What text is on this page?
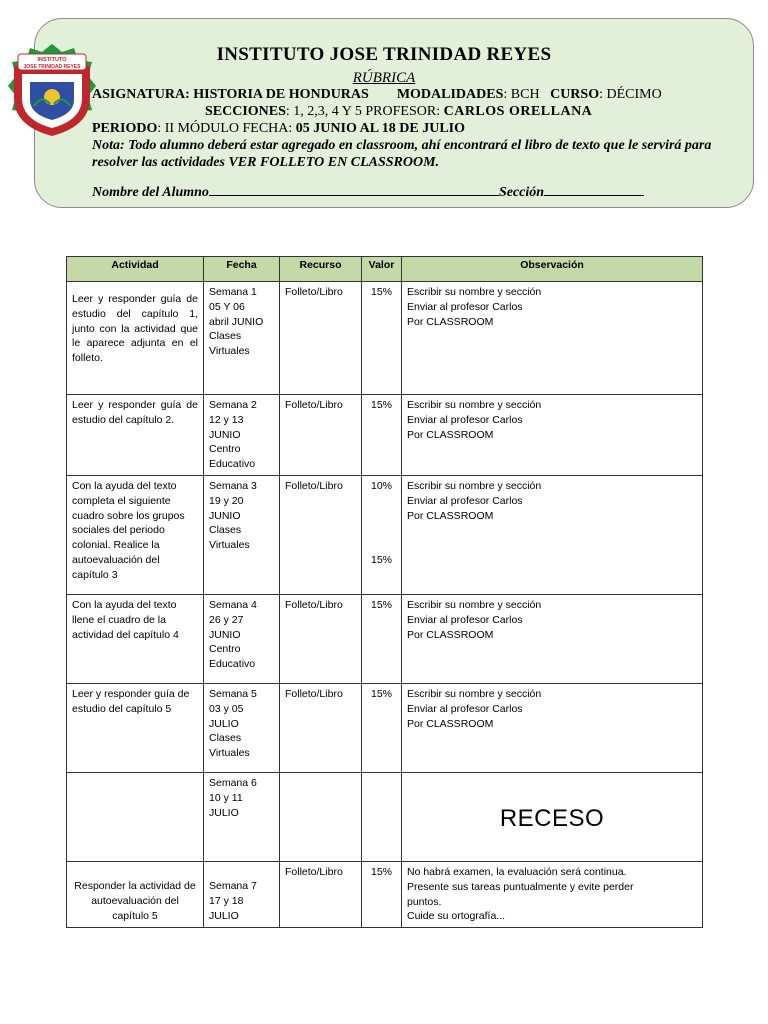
INSTITUTO
JOSE TRINIDAD REYES
INSTITUTO JOSE TRINIDAD REYES
RÚBRICA
ASIGNATURA: HISTORIA DE HONDURAS MODALIDADES: BCH CURSO: DÉCIMO
SECCIONES: 1, 2,3, 4 Y 5 PROFESOR: CARLOS ORELLANA
PERIODO: II MÓDULO FECHA: 05 JUNIO AL 18 DE JULIO
Nota: Todo alumno deberá estar agregado en classroom, ahí encontrará el libro de texto que le servirá para resolver las actividades VER FOLLETO EN CLASSROOM.
Nombre del Alumno	Sección
Actividad	Fecha	Recurso	Valor	Observación
Leer y responder guía de estudio del capítulo 1, junto con la actividad que le aparece adjunta en el folleto.	Semana 1
05 Y 06
abril JUNIO
Clases
Virtuales	Folleto/Libro	15%	Escribir su nombre y sección
Enviar al profesor Carlos
Por CLASSROOM

Leer y responder guía de estudio del capítulo 2.	Semana 2
12 y 13
JUNIO
Centro
Educativo	Folleto/Libro	15%	Escribir su nombre y sección
Enviar al profesor Carlos
Por CLASSROOM

Con la ayuda del texto completa el siguiente cuadro sobre los grupos sociales del periodo colonial. Realice la autoevaluación del capítulo 3	Semana 3
19 y 20
JUNIO
Clases
Virtuales	Folleto/Libro	10%
15%	Escribir su nombre y sección
Enviar al profesor Carlos
Por CLASSROOM

Con la ayuda del texto llene el cuadro de la actividad del capítulo 4	Semana 4
26 y 27
JUNIO
Centro
Educativo	Folleto/Libro	15%	Escribir su nombre y sección
Enviar al profesor Carlos
Por CLASSROOM

Leer y responder guía de estudio del capítulo 5	Semana 5
03 y 05
JULIO
Clases
Virtuales	Folleto/Libro	15%	Escribir su nombre y sección
Enviar al profesor Carlos
Por CLASSROOM

	Semana 6
10 y 11
JULIO			RECESO

Responder la actividad de autoevaluación del capítulo 5	Semana 7
17 y 18
JULIO	Folleto/Libro	15%	No habrá examen, la evaluación será continua.
Presente sus tareas puntualmente y evite perder
puntos.
Cuide su ortografía...
